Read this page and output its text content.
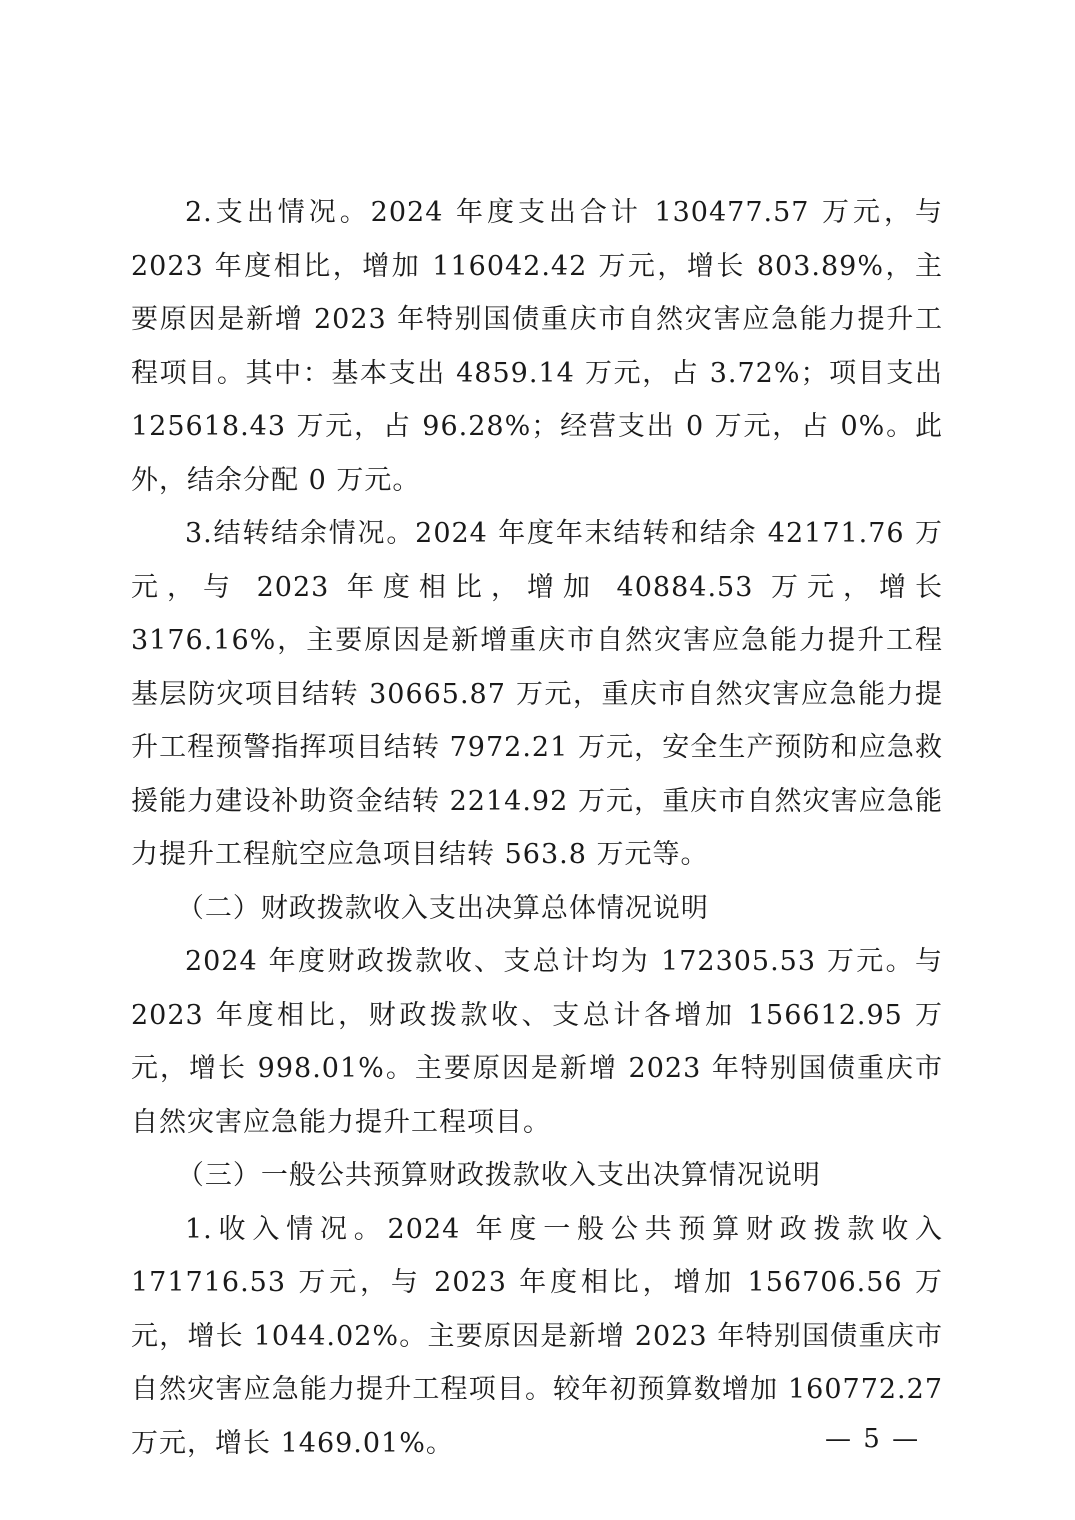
2.支出情况。2024 年度支出合计 130477.57 万元，与 2023 年度相比，增加 116042.42 万元，增长 803.89%，主要原因是新增 2023 年特别国债重庆市自然灾害应急能力提升工程项目。其中：基本支出 4859.14 万元，占 3.72%；项目支出 125618.43 万元，占 96.28%；经营支出 0 万元，占 0%。此外，结余分配 0 万元。

3.结转结余情况。2024 年度年末结转和结余 42171.76 万元，与 2023 年度相比，增加 40884.53 万元，增长 3176.16%，主要原因是新增重庆市自然灾害应急能力提升工程基层防灾项目结转 30665.87 万元，重庆市自然灾害应急能力提升工程预警指挥项目结转 7972.21 万元，安全生产预防和应急救援能力建设补助资金结转 2214.92 万元，重庆市自然灾害应急能力提升工程航空应急项目结转 563.8 万元等。

（二）财政拨款收入支出决算总体情况说明

2024 年度财政拨款收、支总计均为 172305.53 万元。与 2023 年度相比，财政拨款收、支总计各增加 156612.95 万元，增长 998.01%。主要原因是新增 2023 年特别国债重庆市自然灾害应急能力提升工程项目。

（三）一般公共预算财政拨款收入支出决算情况说明

1.收入情况。2024 年度一般公共预算财政拨款收入 171716.53 万元，与 2023 年度相比，增加 156706.56 万元，增长 1044.02%。主要原因是新增 2023 年特别国债重庆市自然灾害应急能力提升工程项目。较年初预算数增加 160772.27 万元，增长 1469.01%。	— 5 —
